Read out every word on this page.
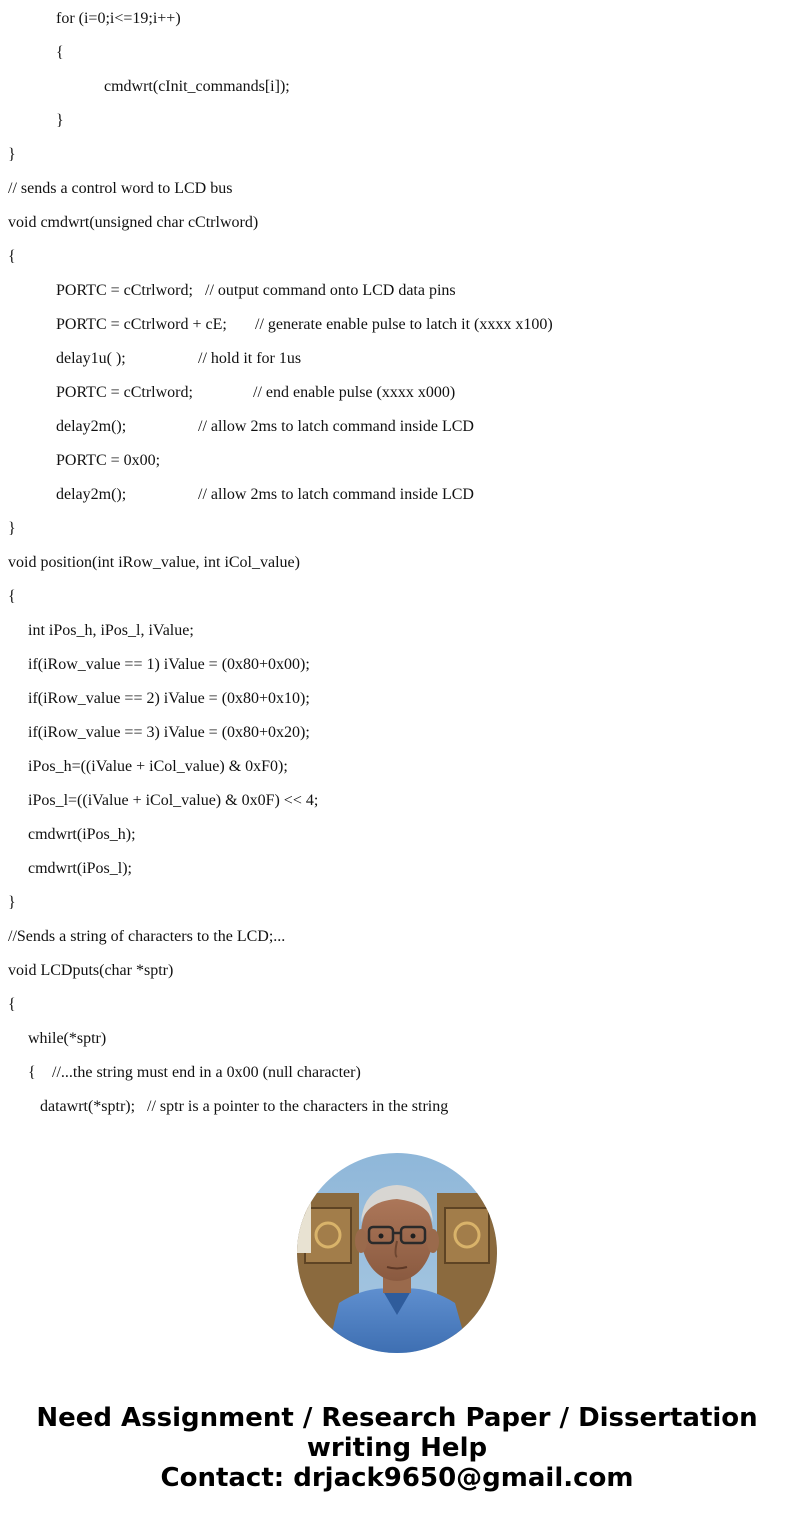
for (i=0;i<=19;i++)
{
cmdwrt(cInit_commands[i]);
}
}
// sends a control word to LCD bus
void cmdwrt(unsigned char cCtrlword)
{
PORTC = cCtrlword; // output command onto LCD data pins
PORTC = cCtrlword + cE; // generate enable pulse to latch it (xxxx x100)
delay1u( );	// hold it for 1us
PORTC = cCtrlword;	// end enable pulse (xxxx x000)
delay2m();	// allow 2ms to latch command inside LCD
PORTC = 0x00;
delay2m();	// allow 2ms to latch command inside LCD
}
void position(int iRow_value, int iCol_value)
{
int iPos_h, iPos_l, iValue;
if(iRow_value == 1) iValue = (0x80+0x00);
if(iRow_value == 2) iValue = (0x80+0x10);
if(iRow_value == 3) iValue = (0x80+0x20);
iPos_h=((iValue + iCol_value) & 0xF0);
iPos_l=((iValue + iCol_value) & 0x0F) << 4;
cmdwrt(iPos_h);
cmdwrt(iPos_l);
}
//Sends a string of characters to the LCD;...
void LCDputs(char *sptr)
{
while(*sptr)
{ //...the string must end in a 0x00 (null character)
datawrt(*sptr); // sptr is a pointer to the characters in the string
Need Assignment / Research Paper / Dissertation
writing Help
Contact: drjack9650@gmail.com
